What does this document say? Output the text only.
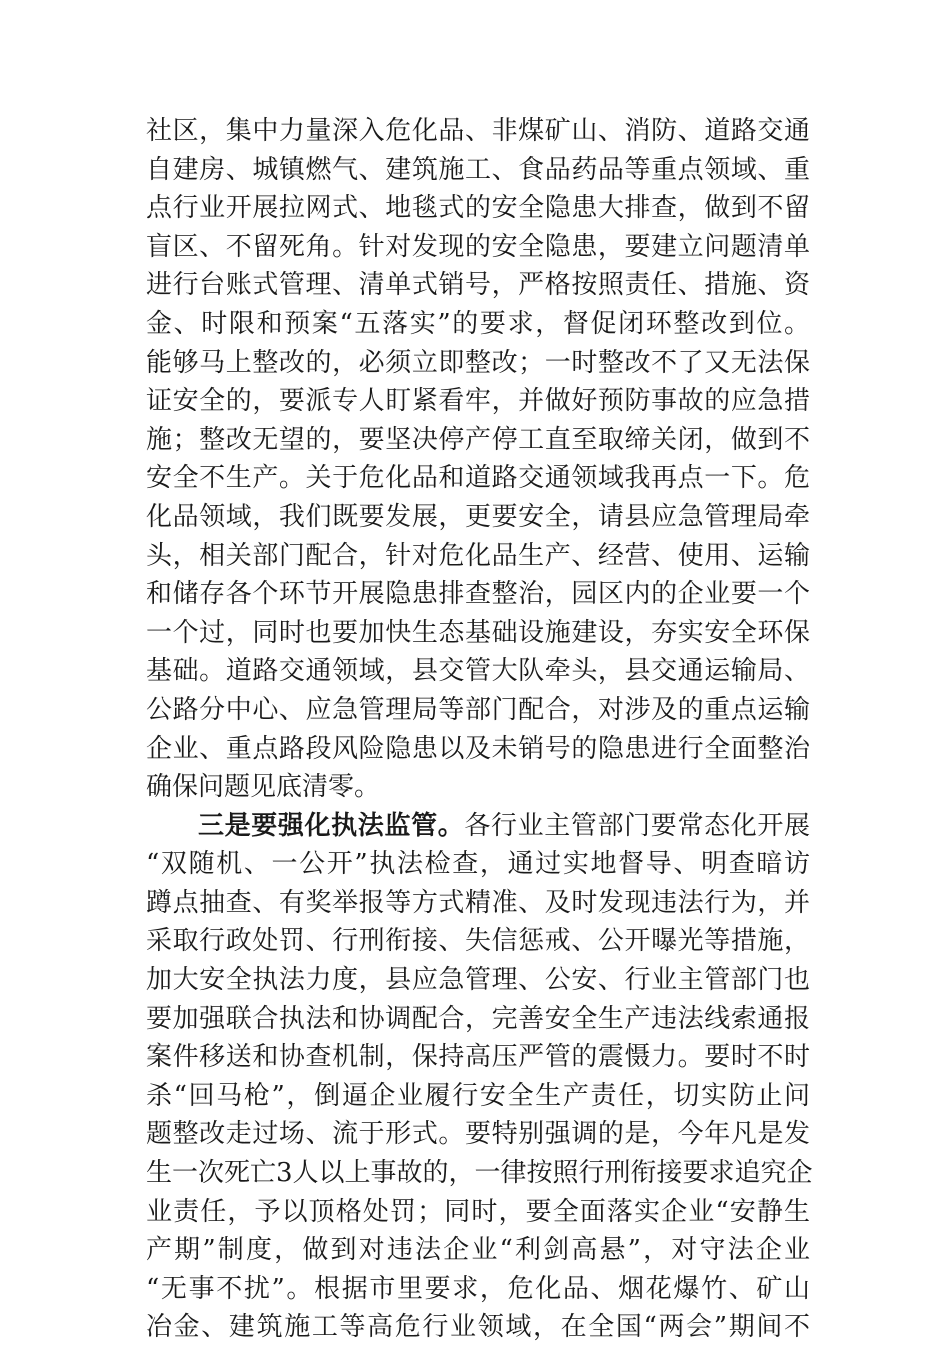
社区，集中力量深入危化品、非煤矿山、消防、道路交通
自建房、城镇燃气、建筑施工、食品药品等重点领域、重
点行业开展拉网式、地毯式的安全隐患大排查，做到不留
盲区、不留死角。针对发现的安全隐患，要建立问题清单
进行台账式管理、清单式销号，严格按照责任、措施、资
金、时限和预案“五落实”的要求，督促闭环整改到位。
能够马上整改的，必须立即整改；一时整改不了又无法保
证安全的，要派专人盯紧看牢，并做好预防事故的应急措
施；整改无望的，要坚决停产停工直至取缔关闭，做到不
安全不生产。关于危化品和道路交通领域我再点一下。危
化品领域，我们既要发展，更要安全，请县应急管理局牵
头，相关部门配合，针对危化品生产、经营、使用、运输
和储存各个环节开展隐患排查整治，园区内的企业要一个
一个过，同时也要加快生态基础设施建设，夯实安全环保
基础。道路交通领域，县交管大队牵头，县交通运输局、
公路分中心、应急管理局等部门配合，对涉及的重点运输
企业、重点路段风险隐患以及未销号的隐患进行全面整治
确保问题见底清零。
三是要强化执法监管。各行业主管部门要常态化开展
“双随机、一公开”执法检查，通过实地督导、明查暗访
蹲点抽查、有奖举报等方式精准、及时发现违法行为，并
采取行政处罚、行刑衔接、失信惩戒、公开曝光等措施，
加大安全执法力度，县应急管理、公安、行业主管部门也
要加强联合执法和协调配合，完善安全生产违法线索通报
案件移送和协查机制，保持高压严管的震慑力。要时不时
杀“回马枪”，倒逼企业履行安全生产责任，切实防止问
题整改走过场、流于形式。要特别强调的是，今年凡是发
生一次死亡3人以上事故的，一律按照行刑衔接要求追究企
业责任，予以顶格处罚；同时，要全面落实企业“安静生
产期”制度，做到对违法企业“利剑高悬”，对守法企业
“无事不扰”。根据市里要求，危化品、烟花爆竹、矿山
冶金、建筑施工等高危行业领域，在全国“两会”期间不
